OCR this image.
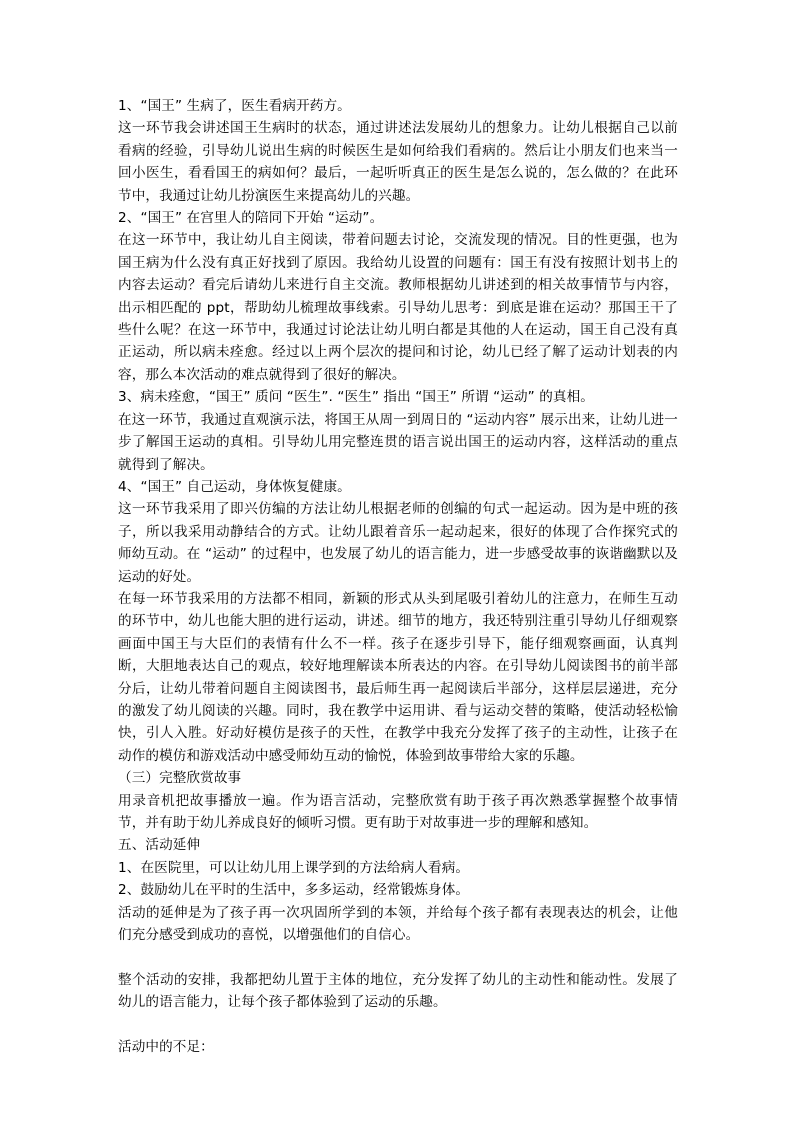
1、“国王” 生病了，医生看病开药方。

这一环节我会讲述国王生病时的状态，通过讲述法发展幼儿的想象力。让幼儿根据自己以前看病的经验，引导幼儿说出生病的时候医生是如何给我们看病的。然后让小朋友们也来当一回小医生，看看国王的病如何？最后，一起听听真正的医生是怎么说的，怎么做的？在此环节中，我通过让幼儿扮演医生来提高幼儿的兴趣。

2、“国王” 在宫里人的陪同下开始 “运动”。

在这一环节中，我让幼儿自主阅读，带着问题去讨论，交流发现的情况。目的性更强，也为国王病为什么没有真正好找到了原因。我给幼儿设置的问题有：国王有没有按照计划书上的内容去运动？看完后请幼儿来进行自主交流。教师根据幼儿讲述到的相关故事情节与内容，出示相匹配的 ppt，帮助幼儿梳理故事线索。引导幼儿思考：到底是谁在运动？那国王干了些什么呢？在这一环节中，我通过讨论法让幼儿明白都是其他的人在运动，国王自己没有真正运动，所以病未痊愈。经过以上两个层次的提问和讨论，幼儿已经了解了运动计划表的内容，那么本次活动的难点就得到了很好的解决。

3、病未痊愈，“国王” 质问 “医生”. “医生” 指出 “国王” 所谓 “运动” 的真相。

在这一环节，我通过直观演示法，将国王从周一到周日的 “运动内容” 展示出来，让幼儿进一步了解国王运动的真相。引导幼儿用完整连贯的语言说出国王的运动内容，这样活动的重点就得到了解决。

4、“国王” 自己运动，身体恢复健康。

这一环节我采用了即兴仿编的方法让幼儿根据老师的创编的句式一起运动。因为是中班的孩子，所以我采用动静结合的方式。让幼儿跟着音乐一起动起来，很好的体现了合作探究式的师幼互动。在 “运动” 的过程中，也发展了幼儿的语言能力，进一步感受故事的诙谐幽默以及运动的好处。

在每一环节我采用的方法都不相同，新颖的形式从头到尾吸引着幼儿的注意力，在师生互动的环节中，幼儿也能大胆的进行运动，讲述。细节的地方，我还特别注重引导幼儿仔细观察画面中国王与大臣们的表情有什么不一样。孩子在逐步引导下，能仔细观察画面，认真判断，大胆地表达自己的观点，较好地理解读本所表达的内容。在引导幼儿阅读图书的前半部分后，让幼儿带着问题自主阅读图书，最后师生再一起阅读后半部分，这样层层递进，充分的激发了幼儿阅读的兴趣。同时，我在教学中运用讲、看与运动交替的策略，使活动轻松愉快，引人入胜。好动好模仿是孩子的天性，在教学中我充分发挥了孩子的主动性，让孩子在动作的模仿和游戏活动中感受师幼互动的愉悦，体验到故事带给大家的乐趣。

（三）完整欣赏故事

用录音机把故事播放一遍。作为语言活动，完整欣赏有助于孩子再次熟悉掌握整个故事情节，并有助于幼儿养成良好的倾听习惯。更有助于对故事进一步的理解和感知。

五、活动延伸

1、在医院里，可以让幼儿用上课学到的方法给病人看病。

2、鼓励幼儿在平时的生活中，多多运动，经常锻炼身体。

活动的延伸是为了孩子再一次巩固所学到的本领，并给每个孩子都有表现表达的机会，让他们充分感受到成功的喜悦，以增强他们的自信心。

整个活动的安排，我都把幼儿置于主体的地位，充分发挥了幼儿的主动性和能动性。发展了幼儿的语言能力，让每个孩子都体验到了运动的乐趣。

活动中的不足：
